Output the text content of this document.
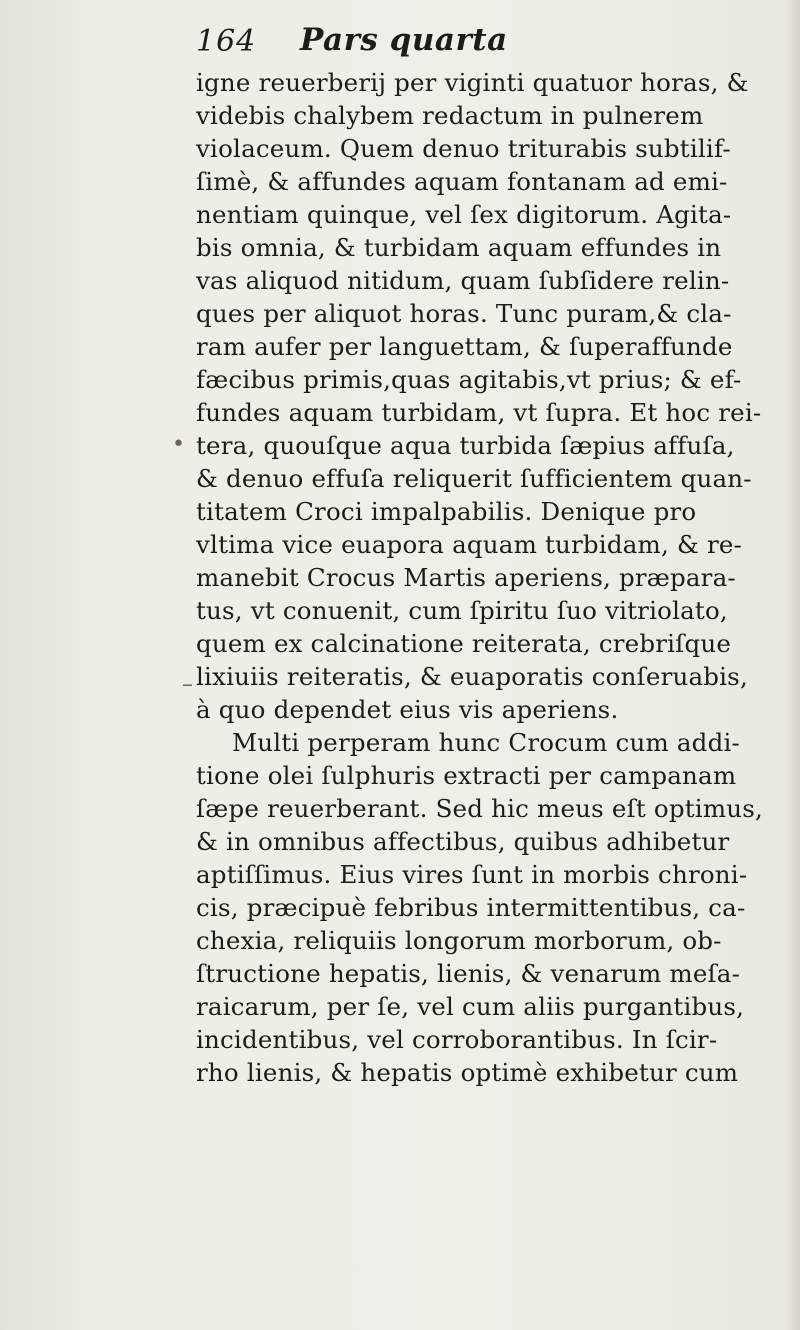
164 Pars quarta
•
–
igne reuerberij per viginti quatuor horas, &
videbis chalybem redactum in pulnerem
violaceum. Quem denuo triturabis subtilif-
ſimè, & affundes aquam fontanam ad emi-
nentiam quinque, vel ſex digitorum. Agita-
bis omnia, & turbidam aquam effundes in
vas aliquod nitidum, quam ſubſidere relin-
ques per aliquot horas. Tunc puram,& cla-
ram aufer per languettam, & ſuperaffunde
fæcibus primis,quas agitabis,vt prius; & ef-
fundes aquam turbidam, vt ſupra. Et hoc rei-
tera, quouſque aqua turbida ſæpius affuſa,
& denuo effuſa reliquerit ſufficientem quan-
titatem Croci impalpabilis. Denique pro
vltima vice euapora aquam turbidam, & re-
manebit Crocus Martis aperiens, præpara-
tus, vt conuenit, cum ſpiritu ſuo vitriolato,
quem ex calcinatione reiterata, crebriſque
lixiuiis reiteratis, & euaporatis conſeruabis,
à quo dependet eius vis aperiens.
Multi perperam hunc Crocum cum addi-
tione olei ſulphuris extracti per campanam
ſæpe reuerberant. Sed hic meus eſt optimus,
& in omnibus affectibus, quibus adhibetur
aptiſſimus. Eius vires ſunt in morbis chroni-
cis, præcipuè febribus intermittentibus, ca-
chexia, reliquiis longorum morborum, ob-
ſtructione hepatis, lienis, & venarum meſa-
raicarum, per ſe, vel cum aliis purgantibus,
incidentibus, vel corroborantibus. In ſcir-
rho lienis, & hepatis optimè exhibetur cum
